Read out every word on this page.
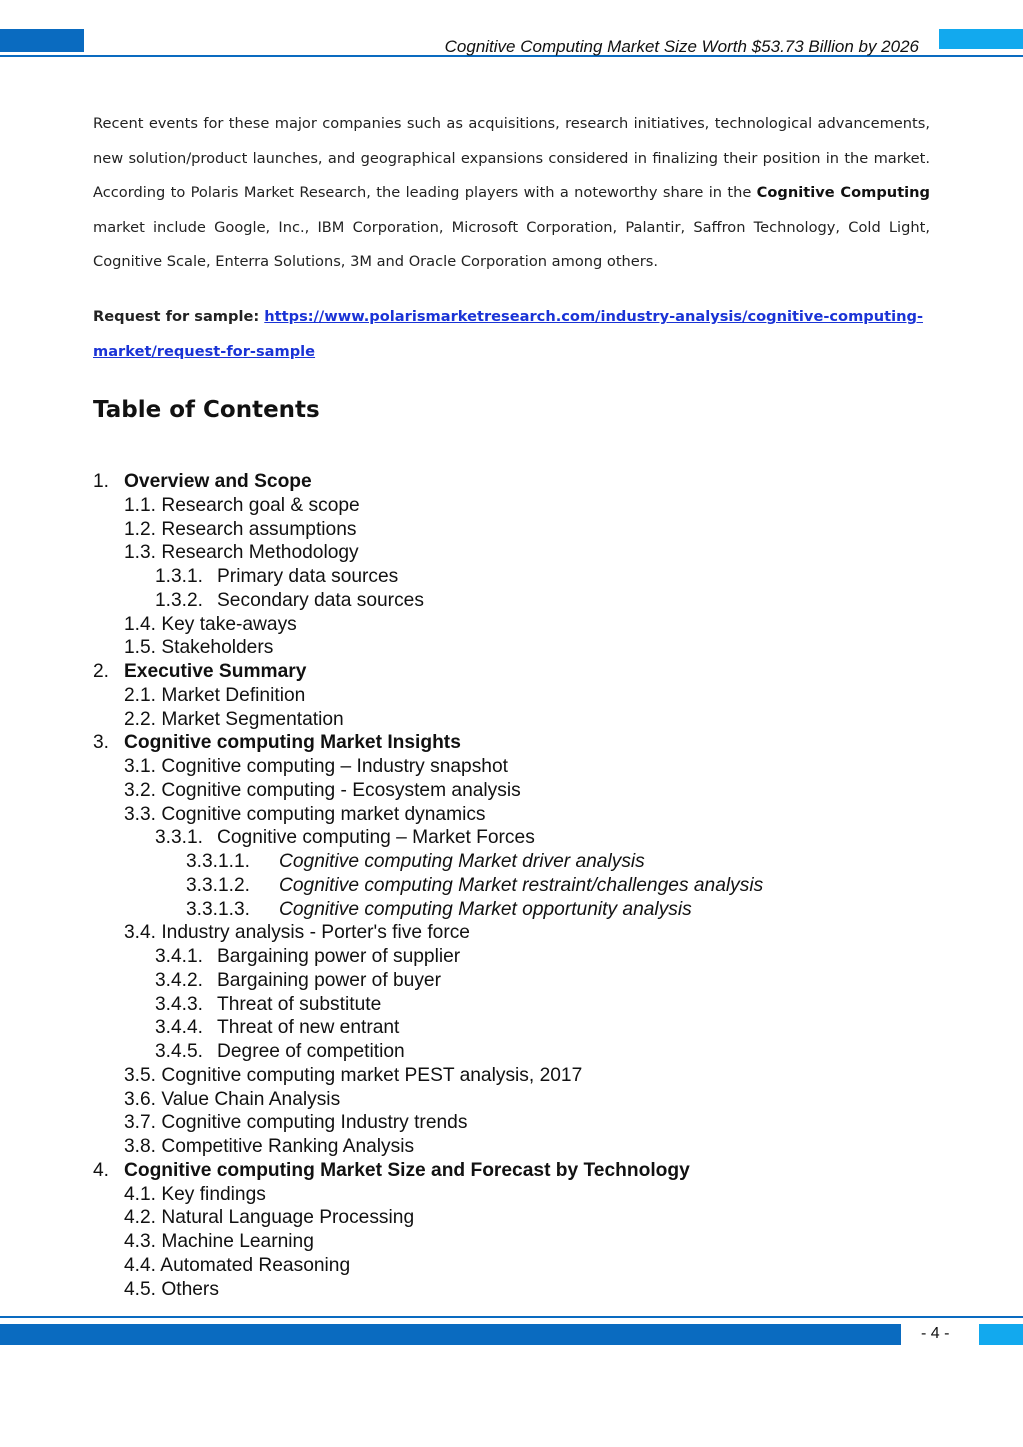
Cognitive Computing Market Size Worth $53.73 Billion by 2026

Recent events for these major companies such as acquisitions, research initiatives, technological advancements, new solution/product launches, and geographical expansions considered in finalizing their position in the market. According to Polaris Market Research, the leading players with a noteworthy share in the Cognitive Computing market include Google, Inc., IBM Corporation, Microsoft Corporation, Palantir, Saffron Technology, Cold Light, Cognitive Scale, Enterra Solutions, 3M and Oracle Corporation among others.

Request for sample: https://www.polarismarketresearch.com/industry-analysis/cognitive-computing-market/request-for-sample

Table of Contents
1. Overview and Scope
1.1. Research goal & scope
1.2. Research assumptions
1.3. Research Methodology
1.3.1. Primary data sources
1.3.2. Secondary data sources
1.4. Key take-aways
1.5. Stakeholders
2. Executive Summary
2.1. Market Definition
2.2. Market Segmentation
3. Cognitive computing Market Insights
3.1. Cognitive computing – Industry snapshot
3.2. Cognitive computing - Ecosystem analysis
3.3. Cognitive computing market dynamics
3.3.1. Cognitive computing – Market Forces
3.3.1.1. Cognitive computing Market driver analysis
3.3.1.2. Cognitive computing Market restraint/challenges analysis
3.3.1.3. Cognitive computing Market opportunity analysis
3.4. Industry analysis - Porter's five force
3.4.1. Bargaining power of supplier
3.4.2. Bargaining power of buyer
3.4.3. Threat of substitute
3.4.4. Threat of new entrant
3.4.5. Degree of competition
3.5. Cognitive computing market PEST analysis, 2017
3.6. Value Chain Analysis
3.7. Cognitive computing Industry trends
3.8. Competitive Ranking Analysis
4. Cognitive computing Market Size and Forecast by Technology
4.1. Key findings
4.2. Natural Language Processing
4.3. Machine Learning
4.4. Automated Reasoning
4.5. Others
- 4 -
